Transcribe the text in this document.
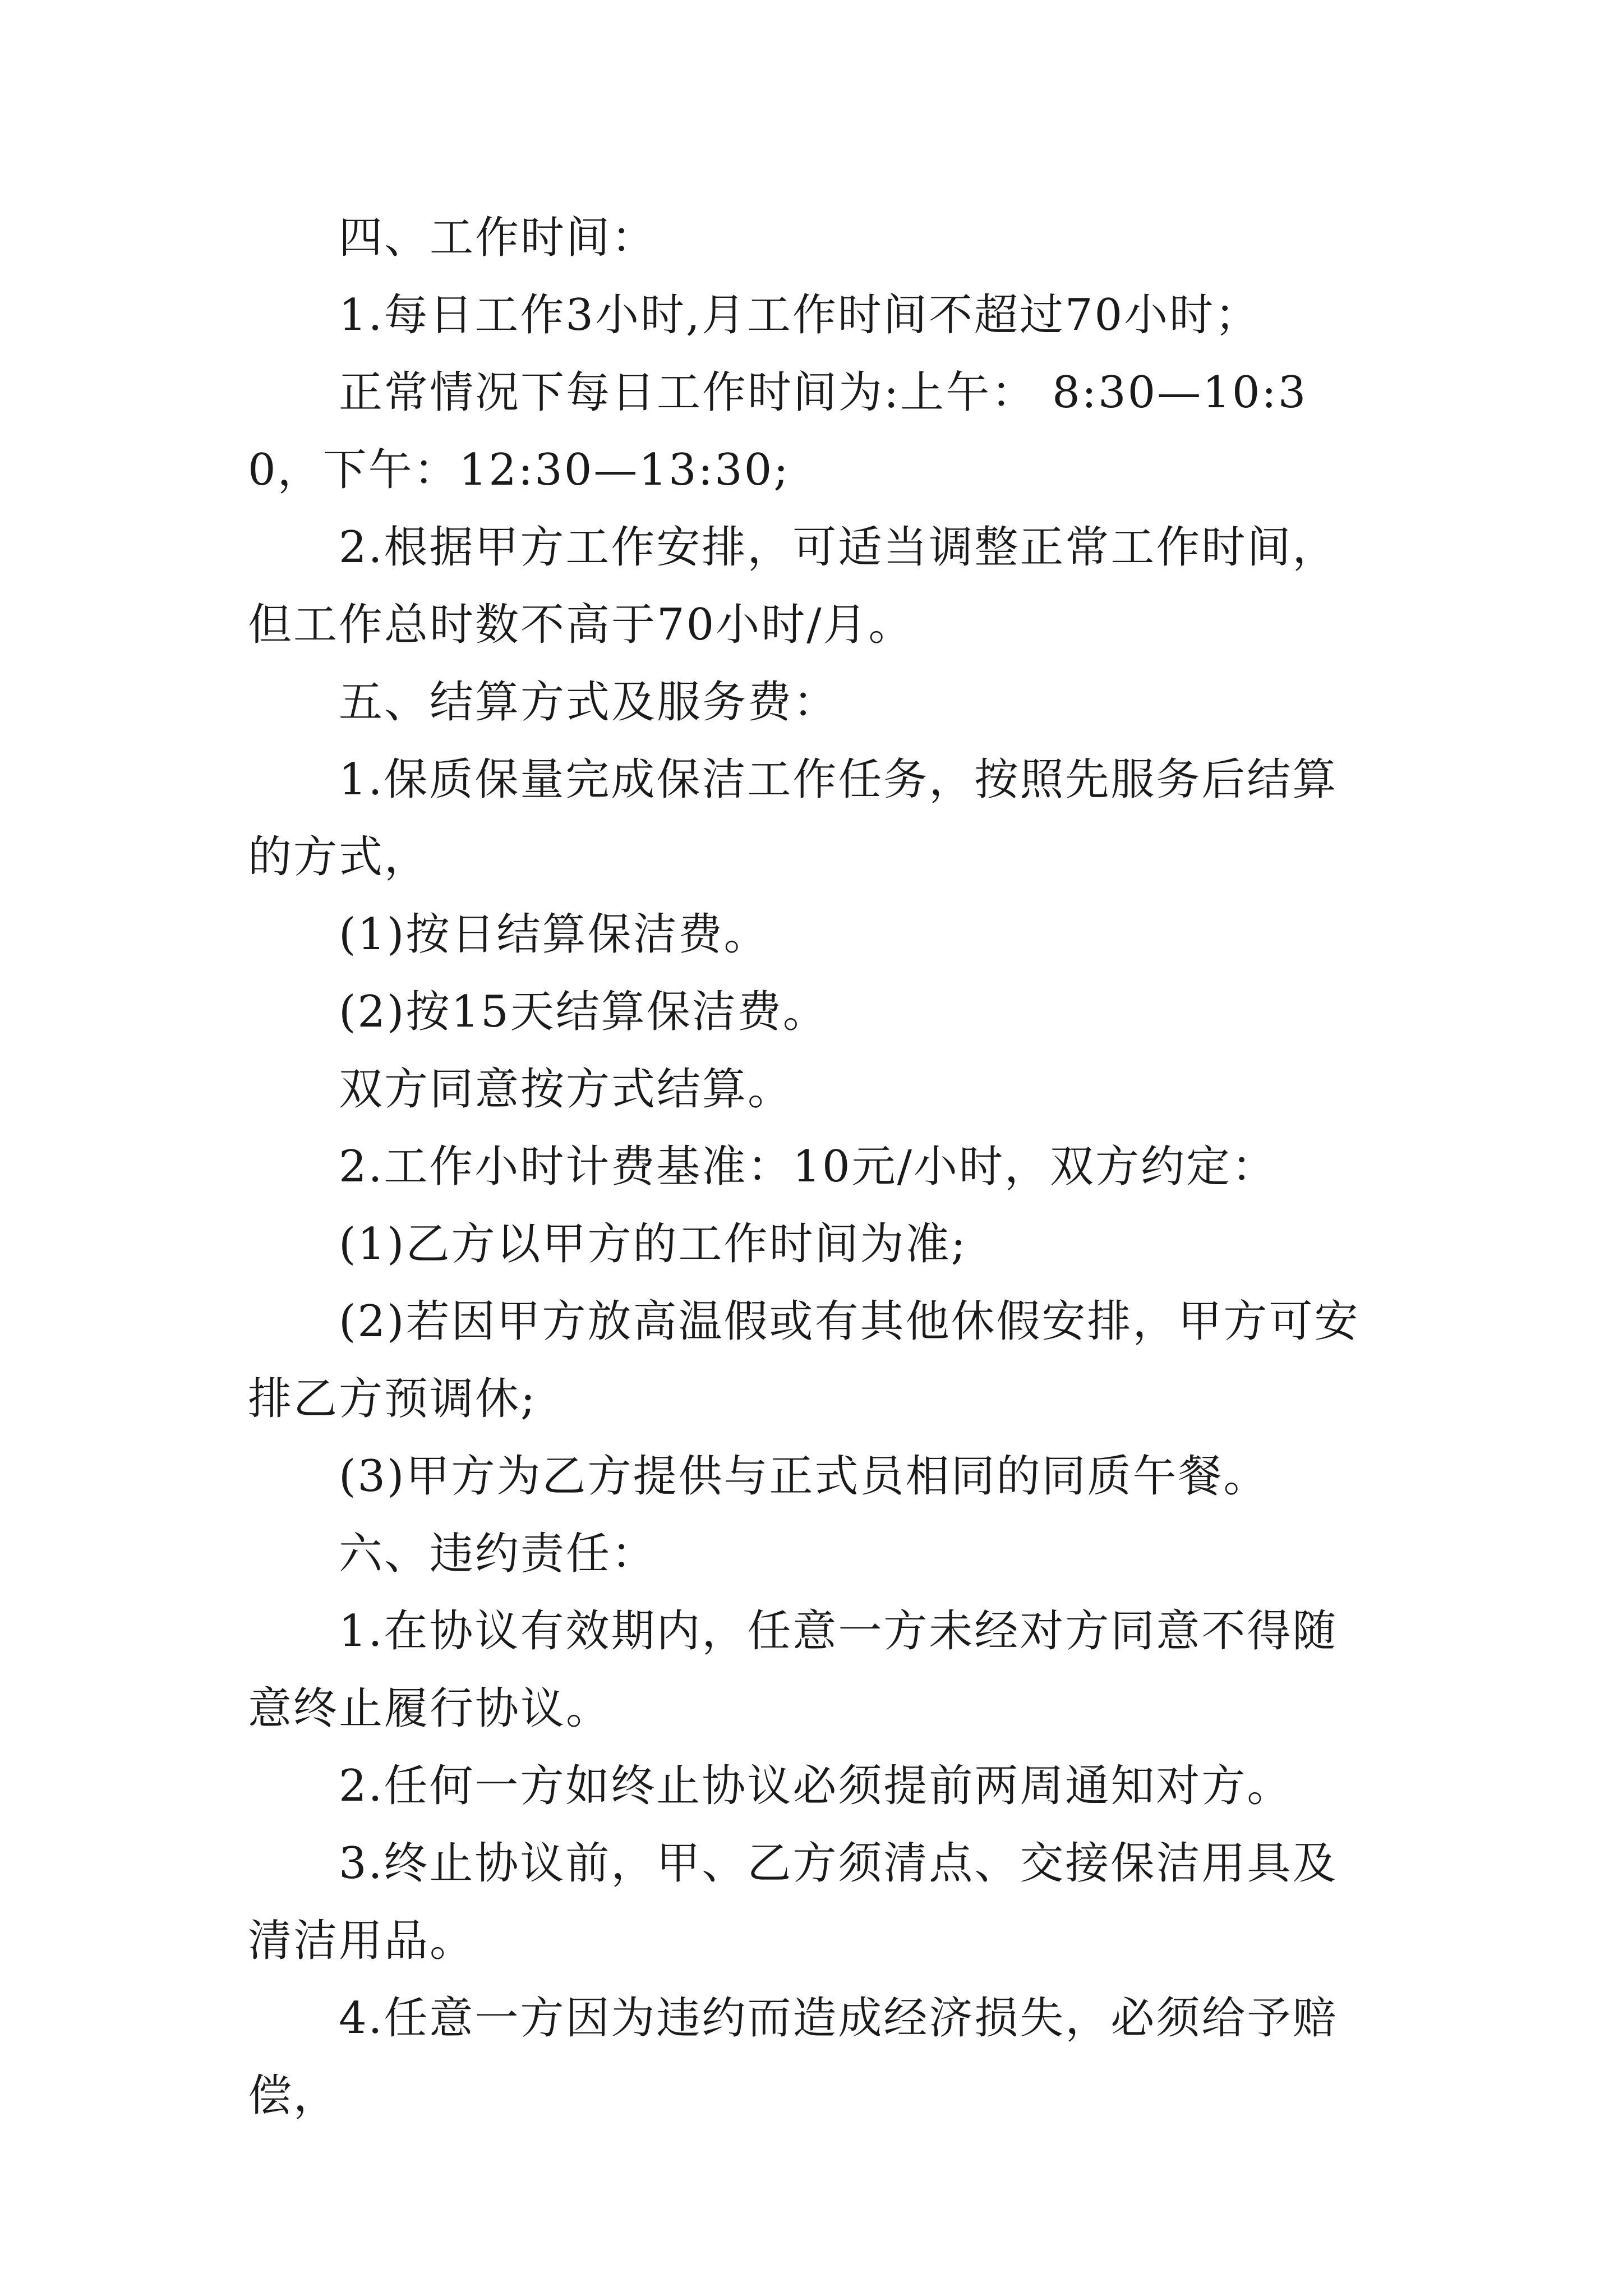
四、工作时间：

1.每日工作3小时,月工作时间不超过70小时；

正常情况下每日工作时间为:上午： 8:30—10:30，下午：12:30—13:30;

2.根据甲方工作安排，可适当调整正常工作时间，但工作总时数不高于70小时/月。

五、结算方式及服务费：

1.保质保量完成保洁工作任务，按照先服务后结算的方式，

(1)按日结算保洁费。

(2)按15天结算保洁费。

双方同意按方式结算。

2.工作小时计费基准：10元/小时，双方约定：

(1)乙方以甲方的工作时间为准;

(2)若因甲方放高温假或有其他休假安排，甲方可安排乙方预调休;

(3)甲方为乙方提供与正式员相同的同质午餐。

六、违约责任：

1.在协议有效期内，任意一方未经对方同意不得随意终止履行协议。

2.任何一方如终止协议必须提前两周通知对方。

3.终止协议前，甲、乙方须清点、交接保洁用具及清洁用品。

4.任意一方因为违约而造成经济损失，必须给予赔偿，
